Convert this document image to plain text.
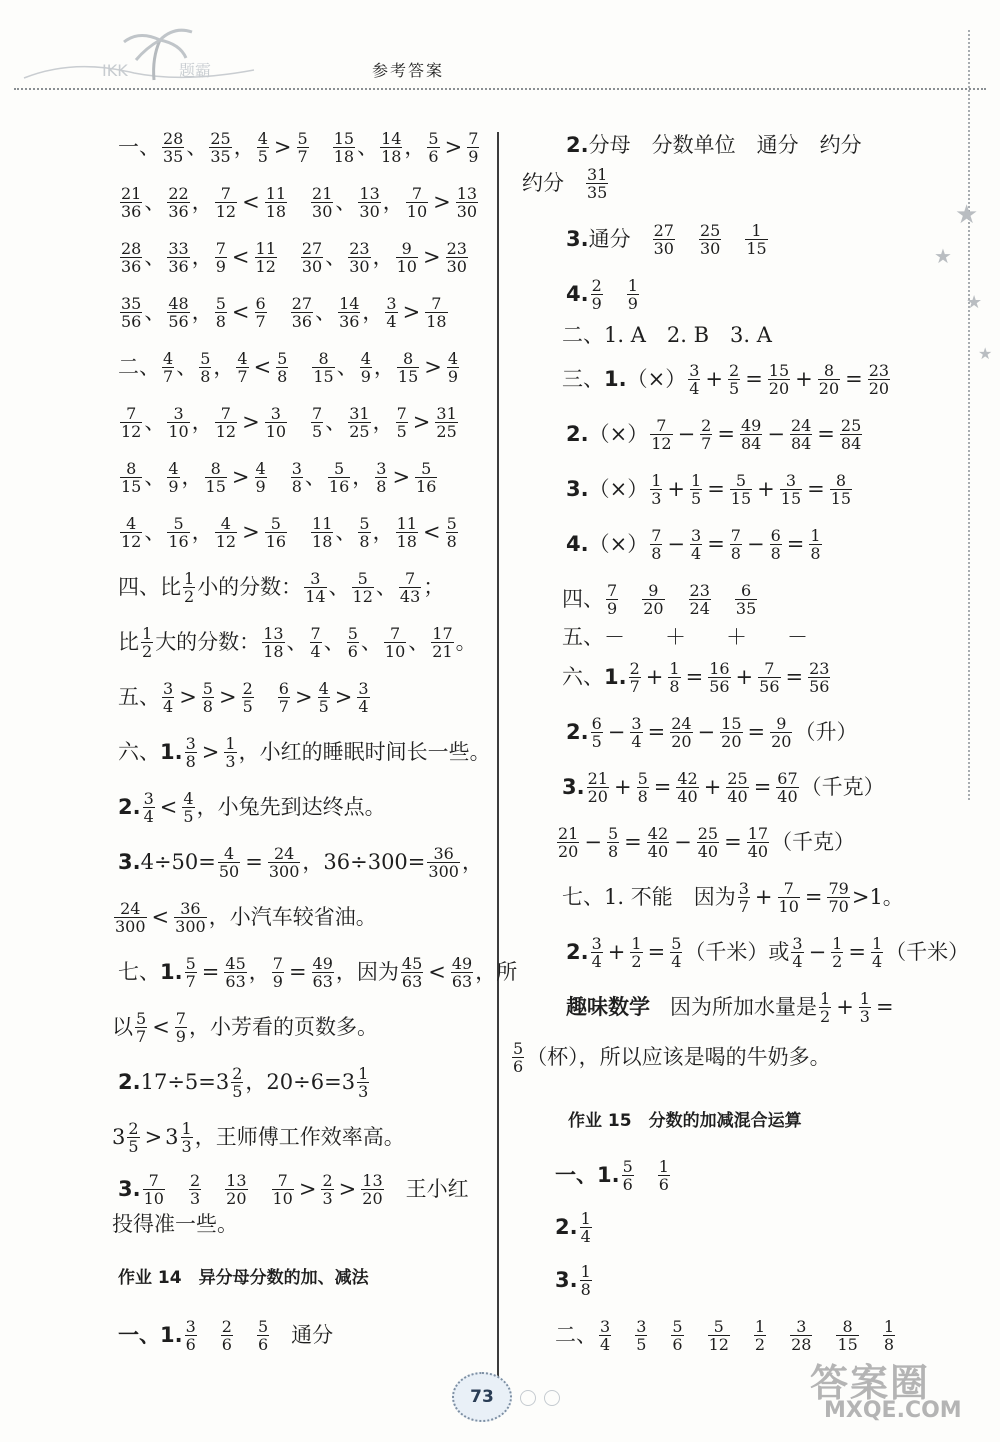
IKK	题霸	参考答案
★
★
★
★
一、 28
35 、 25
35 ， 4
5 > 5
7
15
18 、 14
18 ， 5
6 > 7
9
21
36 、 22
36 ， 7
12 < 11
18
21
30 、 13
30 ， 7
10 > 13
30
28
36 、 33
36 ， 7
9 < 11
12
27
30 、 23
30 ， 9
10 > 23
30
35
56 、 48
56 ， 5
8 < 6
7
27
36 、 14
36 ， 3
4 > 7
18
二、 4
7 、 5
8 ， 4
7 < 5
8
8
15 、 4
9 ， 8
15 > 4
9
7
12 、 3
10 ， 7
12 > 3
10
7
5 、 31
25 ， 7
5 > 31
25
8
15 、 4
9 ， 8
15 > 4
9
3
8 、 5
16 ， 3
8 > 5
16
4
12 、 5
16 ， 4
12 > 5
16
11
18 、 5
8 ， 11
18 < 5
8
四、 比 1
2 小的分数： 3
14 、 5
12 、 7
43 ；
比 1
2 大的分数： 13
18 、 7
4 、 5
6 、 7
10 、 17
21 。
五、 3
4 > 5
8 > 2
5
6
7 > 4
5 > 3
4
六、 1. 3
8 > 1
3 ，小红的睡眠时间长一些。
2. 3
4 < 4
5 ，小兔先到达终点。
3. $4\div 50= \frac{4}{50} = \frac{24}{300}$ ，$36\div 300= \frac{36}{300}$ ，
24
300 < 36
300 ，小汽车较省油。
七、 1. $\frac{5}{7} = \frac{45}{63}$ ， $\frac{7}{9} = \frac{49}{63}$ ，因为 45
63 < 49
63 ，所
以 5
7 < 7
9 ，小芳看的页数多。
2. 17÷5=3 2
5 ，20÷6=3 1
3
3 2
5 > 3 1
3 ，王师傅工作效率高。
3. 7
10
2
3
13
20
7
10 > 2
3 > 13
20 王小红
投得准一些。
作业 14　异分母分数的加、减法
一、1. 3
6
2
6
5
6 通分
2. 分母　分数单位　通分　约分
约分 31
35
3. 通分 27
30
25
30
1
15
4. 2
9
1
9
二、1. A　2. B　3. A
三、 1. （×） 3
$4 + \frac{2}{5} = \frac{15}{20} + \frac{8}{20} = \frac{23}{20}$
2. （×） 7
$12 - \frac{2}{7} = \frac{49}{84} - \frac{24}{84} = \frac{25}{84}$
3. （×） 1
$3 + \frac{1}{5} = \frac{5}{15} + \frac{3}{15} = \frac{8}{15}$
4. （×） 7
$8 - \frac{3}{4} = \frac{7}{8} - \frac{6}{8} = \frac{1}{8}$
四、 7
9
9
20
23
24
6
35
五、 － ＋ ＋ －
六、 1. 2
$7 + \frac{1}{8} = \frac{16}{56} + \frac{7}{56} = \frac{23}{56}$
2. 6
$5 - \frac{3}{4} = \frac{24}{20} - \frac{15}{20} = \frac{9}{20}$ （升）
3. 21
$20 + \frac{5}{8} = \frac{42}{40} + \frac{25}{40} = \frac{67}{40}$ （千克）
21
$20 - \frac{5}{8} = \frac{42}{40} - \frac{25}{40} = \frac{17}{40}$ （千克）
七、 1. 不能　因为 3
$7 + \frac{7}{10} = \frac{79}{70} >1$。
2. 3
$4 + \frac{1}{2} = \frac{5}{4}$ （千米） 或 3
$4 - \frac{1}{2} = \frac{1}{4}$ （千米）
趣味数学 因为所加水量是 1
$2 + \frac{1}{3}$ =
5
6 （杯），所以应该是喝的牛奶多。
作业 15　分数的加减混合运算
一、1. 5
6
1
6
2. 1
4
3. 1
8
二、 3
4
3
5
5
6
5
12
1
2
3
28
8
15
1
8
73	答案圈
MXQE.COM
